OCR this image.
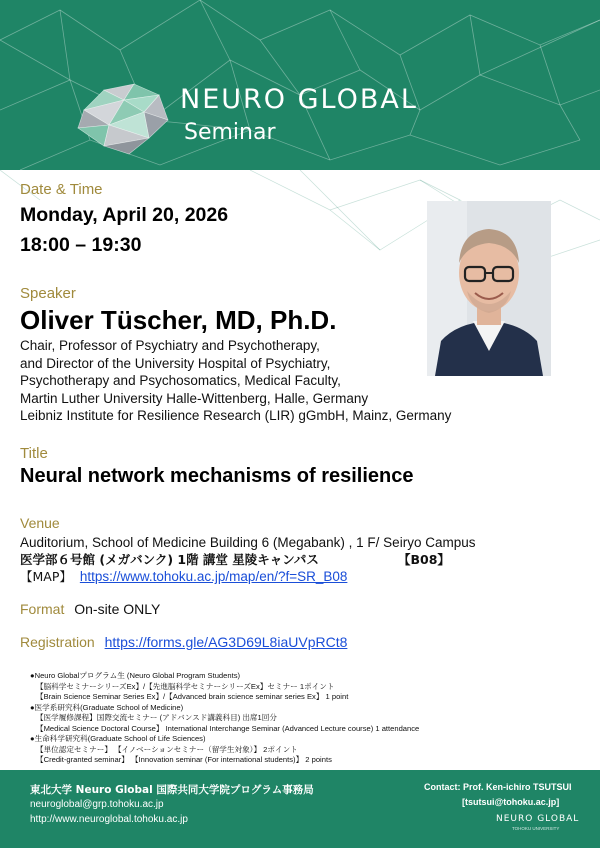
NEURO GLOBAL
Seminar
Date & Time
Monday, April 20, 2026
18:00 – 19:30
Speaker
Oliver Tüscher, MD, Ph.D.
Chair, Professor of Psychiatry and Psychotherapy,
and Director of the University Hospital of Psychiatry,
Psychotherapy and Psychosomatics, Medical Faculty,
Martin Luther University Halle-Wittenberg, Halle, Germany
Leibniz Institute for Resilience Research (LIR) gGmbH, Mainz, Germany
Title
Neural network mechanisms of resilience
Venue
Auditorium, School of Medicine Building 6 (Megabank) , 1 F/ Seiryo Campus
医学部６号館 (メガバンク) 1階 講堂 星陵キャンパス	【B08】
【MAP】 https://www.tohoku.ac.jp/map/en/?f=SR_B08
Format On-site ONLY
Registration https://forms.gle/AG3D69L8iaUVpRCt8
●Neuro Globalプログラム生 (Neuro Global Program Students)
【脳科学セミナーシリーズEx】/【先進脳科学セミナーシリーズEx】セミナー 1ポイント
【Brain Science Seminar Series Ex】/【Advanced brain science seminar series Ex】 1 point
●医学系研究科(Graduate School of Medicine)
【医学履修課程】国際交流セミナー (アドバンスド講義科目) 出席1回分
【Medical Science Doctoral Course】 International Interchange Seminar (Advanced Lecture course) 1 attendance
●生命科学研究科(Graduate School of Life Sciences)
【単位認定セミナー】 【イノベーションセミナー（留学生対象）】 2ポイント
【Credit-granted seminar】 【Innovation seminar (For international students)】 2 points
東北大学 Neuro Global 国際共同大学院プログラム事務局
neuroglobal@grp.tohoku.ac.jp
http://www.neuroglobal.tohoku.ac.jp
Contact: Prof. Ken-ichiro TSUTSUI
[tsutsui@tohoku.ac.jp]
NEURO GLOBAL
TOHOKU UNIVERSITY
